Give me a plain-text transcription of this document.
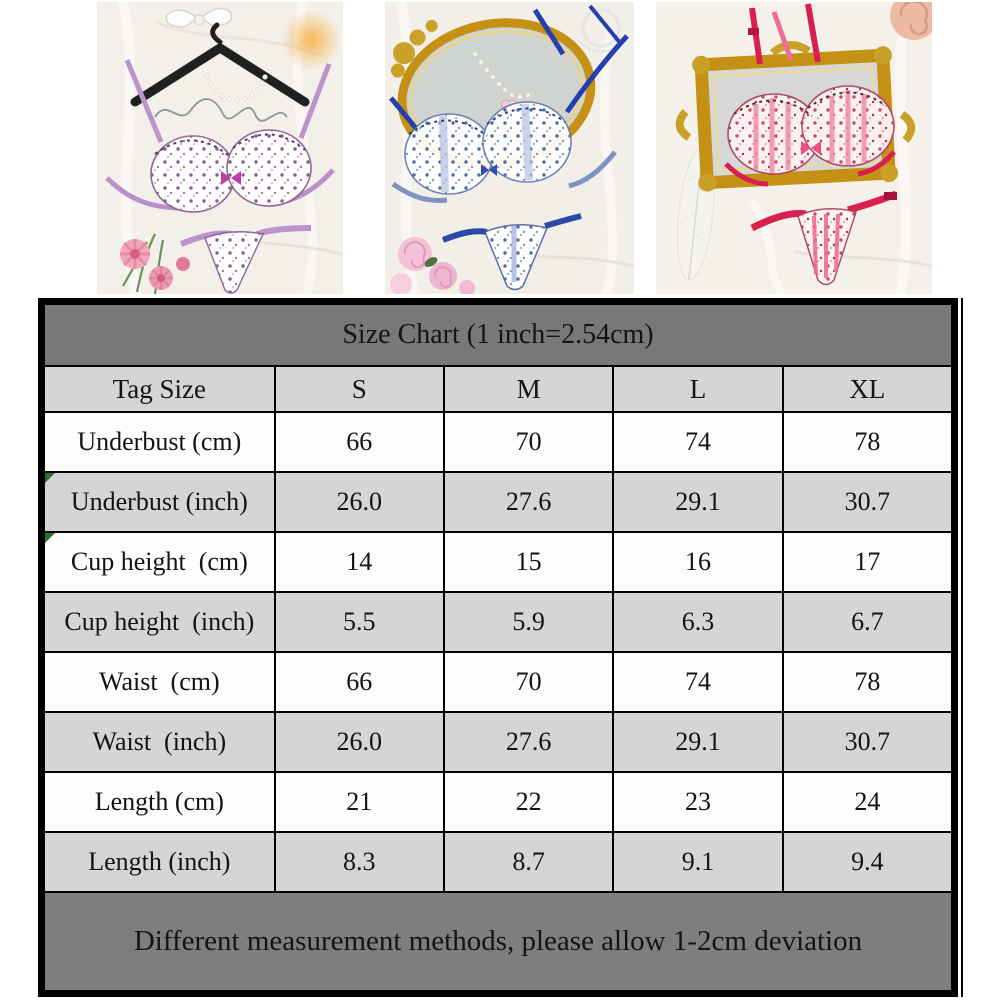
Size Chart (1 inch=2.54cm)				
Tag Size	S	M	L	XL
Underbust (cm)	66	70	74	78
Underbust (inch)	26.0	27.6	29.1	30.7
Cup height  (cm)	14	15	16	17
Cup height  (inch)	5.5	5.9	6.3	6.7
Waist  (cm)	66	70	74	78
Waist  (inch)	26.0	27.6	29.1	30.7
Length (cm)	21	22	23	24
Length (inch)	8.3	8.7	9.1	9.4
Different measurement methods, please allow 1-2cm deviation				
